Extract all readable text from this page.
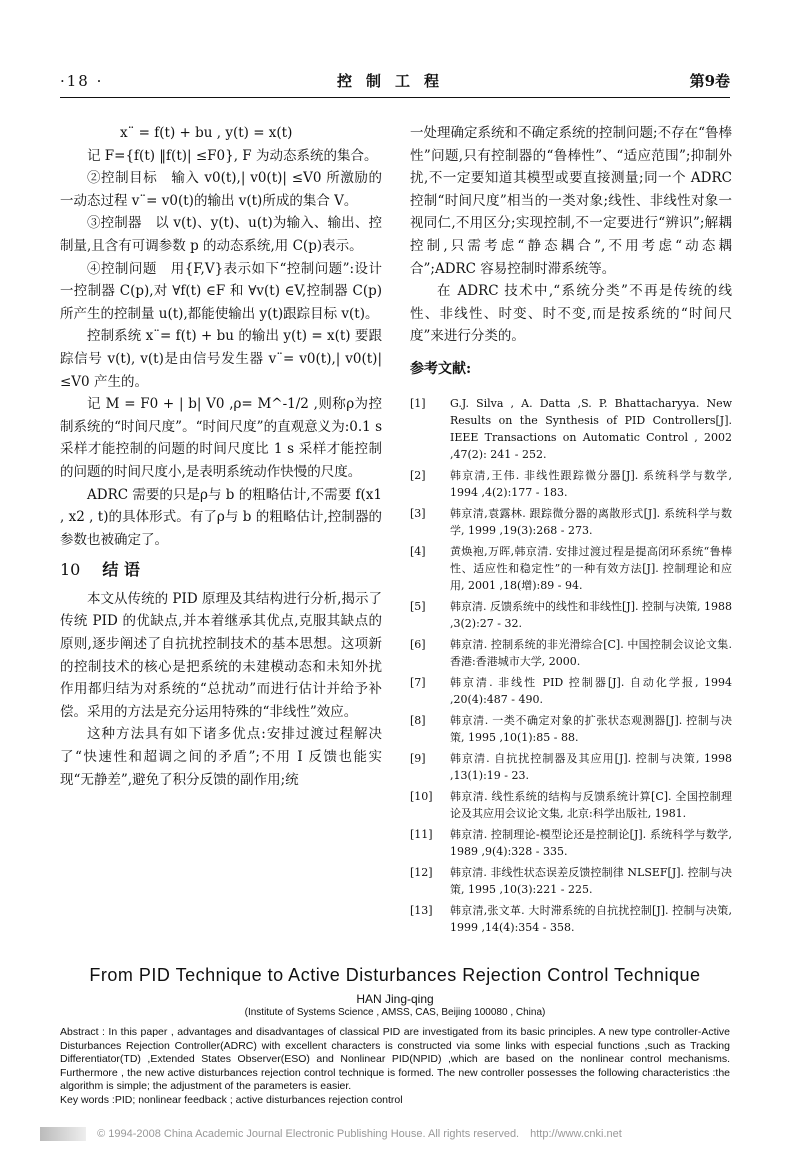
·18 ·	控制工程	第9卷

x¨ = f(t) + bu , y(t) = x(t)

记 F={f(t) ‖f(t)| ≤F0}, F 为动态系统的集合。

②控制目标　输入 v0(t),| v0(t)| ≤V0 所激励的一动态过程 v¨= v0(t)的输出 v(t)所成的集合 V。

③控制器　以 v(t)、y(t)、u(t)为输入、输出、控制量,且含有可调参数 p 的动态系统,用 C(p)表示。

④控制问题　用{F,V}表示如下“控制问题”:设计一控制器 C(p),对 ∀f(t) ∈F 和 ∀v(t) ∈V,控制器 C(p)所产生的控制量 u(t),都能使输出 y(t)跟踪目标 v(t)。

控制系统 x¨= f(t) + bu 的输出 y(t) = x(t) 要跟踪信号 v(t), v(t)是由信号发生器 v¨= v0(t),| v0(t)| ≤V0 产生的。

记 M = F0 + | b| V0 ,ρ= M^-1/2 ,则称ρ为控制系统的“时间尺度”。“时间尺度”的直观意义为:0.1 s 采样才能控制的问题的时间尺度比 1 s 采样才能控制的问题的时间尺度小,是表明系统动作快慢的尺度。

ADRC 需要的只是ρ与 b 的粗略估计,不需要 f(x1 , x2 , t)的具体形式。有了ρ与 b 的粗略估计,控制器的参数也被确定了。

10 结 语

本文从传统的 PID 原理及其结构进行分析,揭示了传统 PID 的优缺点,并本着继承其优点,克服其缺点的原则,逐步阐述了自抗扰控制技术的基本思想。这项新的控制技术的核心是把系统的未建模动态和未知外扰作用都归结为对系统的“总扰动”而进行估计并给予补偿。采用的方法是充分运用特殊的“非线性”效应。

这种方法具有如下诸多优点:安排过渡过程解决了“快速性和超调之间的矛盾”;不用 I 反馈也能实现“无静差”,避免了积分反馈的副作用;统

一处理确定系统和不确定系统的控制问题;不存在“鲁棒性”问题,只有控制器的“鲁棒性”、“适应范围”;抑制外扰,不一定要知道其模型或要直接测量;同一个 ADRC 控制“时间尺度”相当的一类对象;线性、非线性对象一视同仁,不用区分;实现控制,不一定要进行“辨识”;解耦控制,只需考虑“静态耦合”,不用考虑“动态耦合”;ADRC 容易控制时滞系统等。

在 ADRC 技术中,“系统分类”不再是传统的线性、非线性、时变、时不变,而是按系统的“时间尺度”来进行分类的。

参考文献:
[1]	G.J. Silva , A. Datta ,S. P. Bhattacharyya. New Results on the Synthesis of PID Controllers[J]. IEEE Transactions on Automatic Control , 2002 ,47(2): 241 - 252.
[2]	韩京清,王伟. 非线性跟踪微分器[J]. 系统科学与数学, 1994 ,4(2):177 - 183.
[3]	韩京清,袁露林. 跟踪微分器的离散形式[J]. 系统科学与数学, 1999 ,19(3):268 - 273.
[4]	黄焕袍,万晖,韩京清. 安排过渡过程是提高闭环系统“鲁棒性、适应性和稳定性”的一种有效方法[J]. 控制理论和应用, 2001 ,18(增):89 - 94.
[5]	韩京清. 反馈系统中的线性和非线性[J]. 控制与决策, 1988 ,3(2):27 - 32.
[6]	韩京清. 控制系统的非光滑综合[C]. 中国控制会议论文集. 香港:香港城市大学, 2000.
[7]	韩京清. 非线性 PID 控制器[J]. 自动化学报, 1994 ,20(4):487 - 490.
[8]	韩京清. 一类不确定对象的扩张状态观测器[J]. 控制与决策, 1995 ,10(1):85 - 88.
[9]	韩京清. 自抗扰控制器及其应用[J]. 控制与决策, 1998 ,13(1):19 - 23.
[10]	韩京清. 线性系统的结构与反馈系统计算[C]. 全国控制理论及其应用会议论文集, 北京:科学出版社, 1981.
[11]	韩京清. 控制理论-模型论还是控制论[J]. 系统科学与数学, 1989 ,9(4):328 - 335.
[12]	韩京清. 非线性状态误差反馈控制律 NLSEF[J]. 控制与决策, 1995 ,10(3):221 - 225.
[13]	韩京清,张文革. 大时滞系统的自抗扰控制[J]. 控制与决策, 1999 ,14(4):354 - 358.
From PID Technique to Active Disturbances Rejection Control Technique
HAN Jing-qing
(Institute of Systems Science , AMSS, CAS, Beijing 100080 , China)
Abstract : In this paper , advantages and disadvantages of classical PID are investigated from its basic principles. A new type controller-Active Disturbances Rejection Controller(ADRC) with excellent characters is constructed via some links with especial functions ,such as Tracking Differentiator(TD) ,Extended States Observer(ESO) and Nonlinear PID(NPID) ,which are based on the nonlinear control mechanisms. Furthermore , the new active disturbances rejection control technique is formed. The new controller possesses the following characteristics :the algorithm is simple; the adjustment of the parameters is easier.
Key words :PID; nonlinear feedback ; active disturbances rejection control
© 1994-2008 China Academic Journal Electronic Publishing House. All rights reserved.　http://www.cnki.net
